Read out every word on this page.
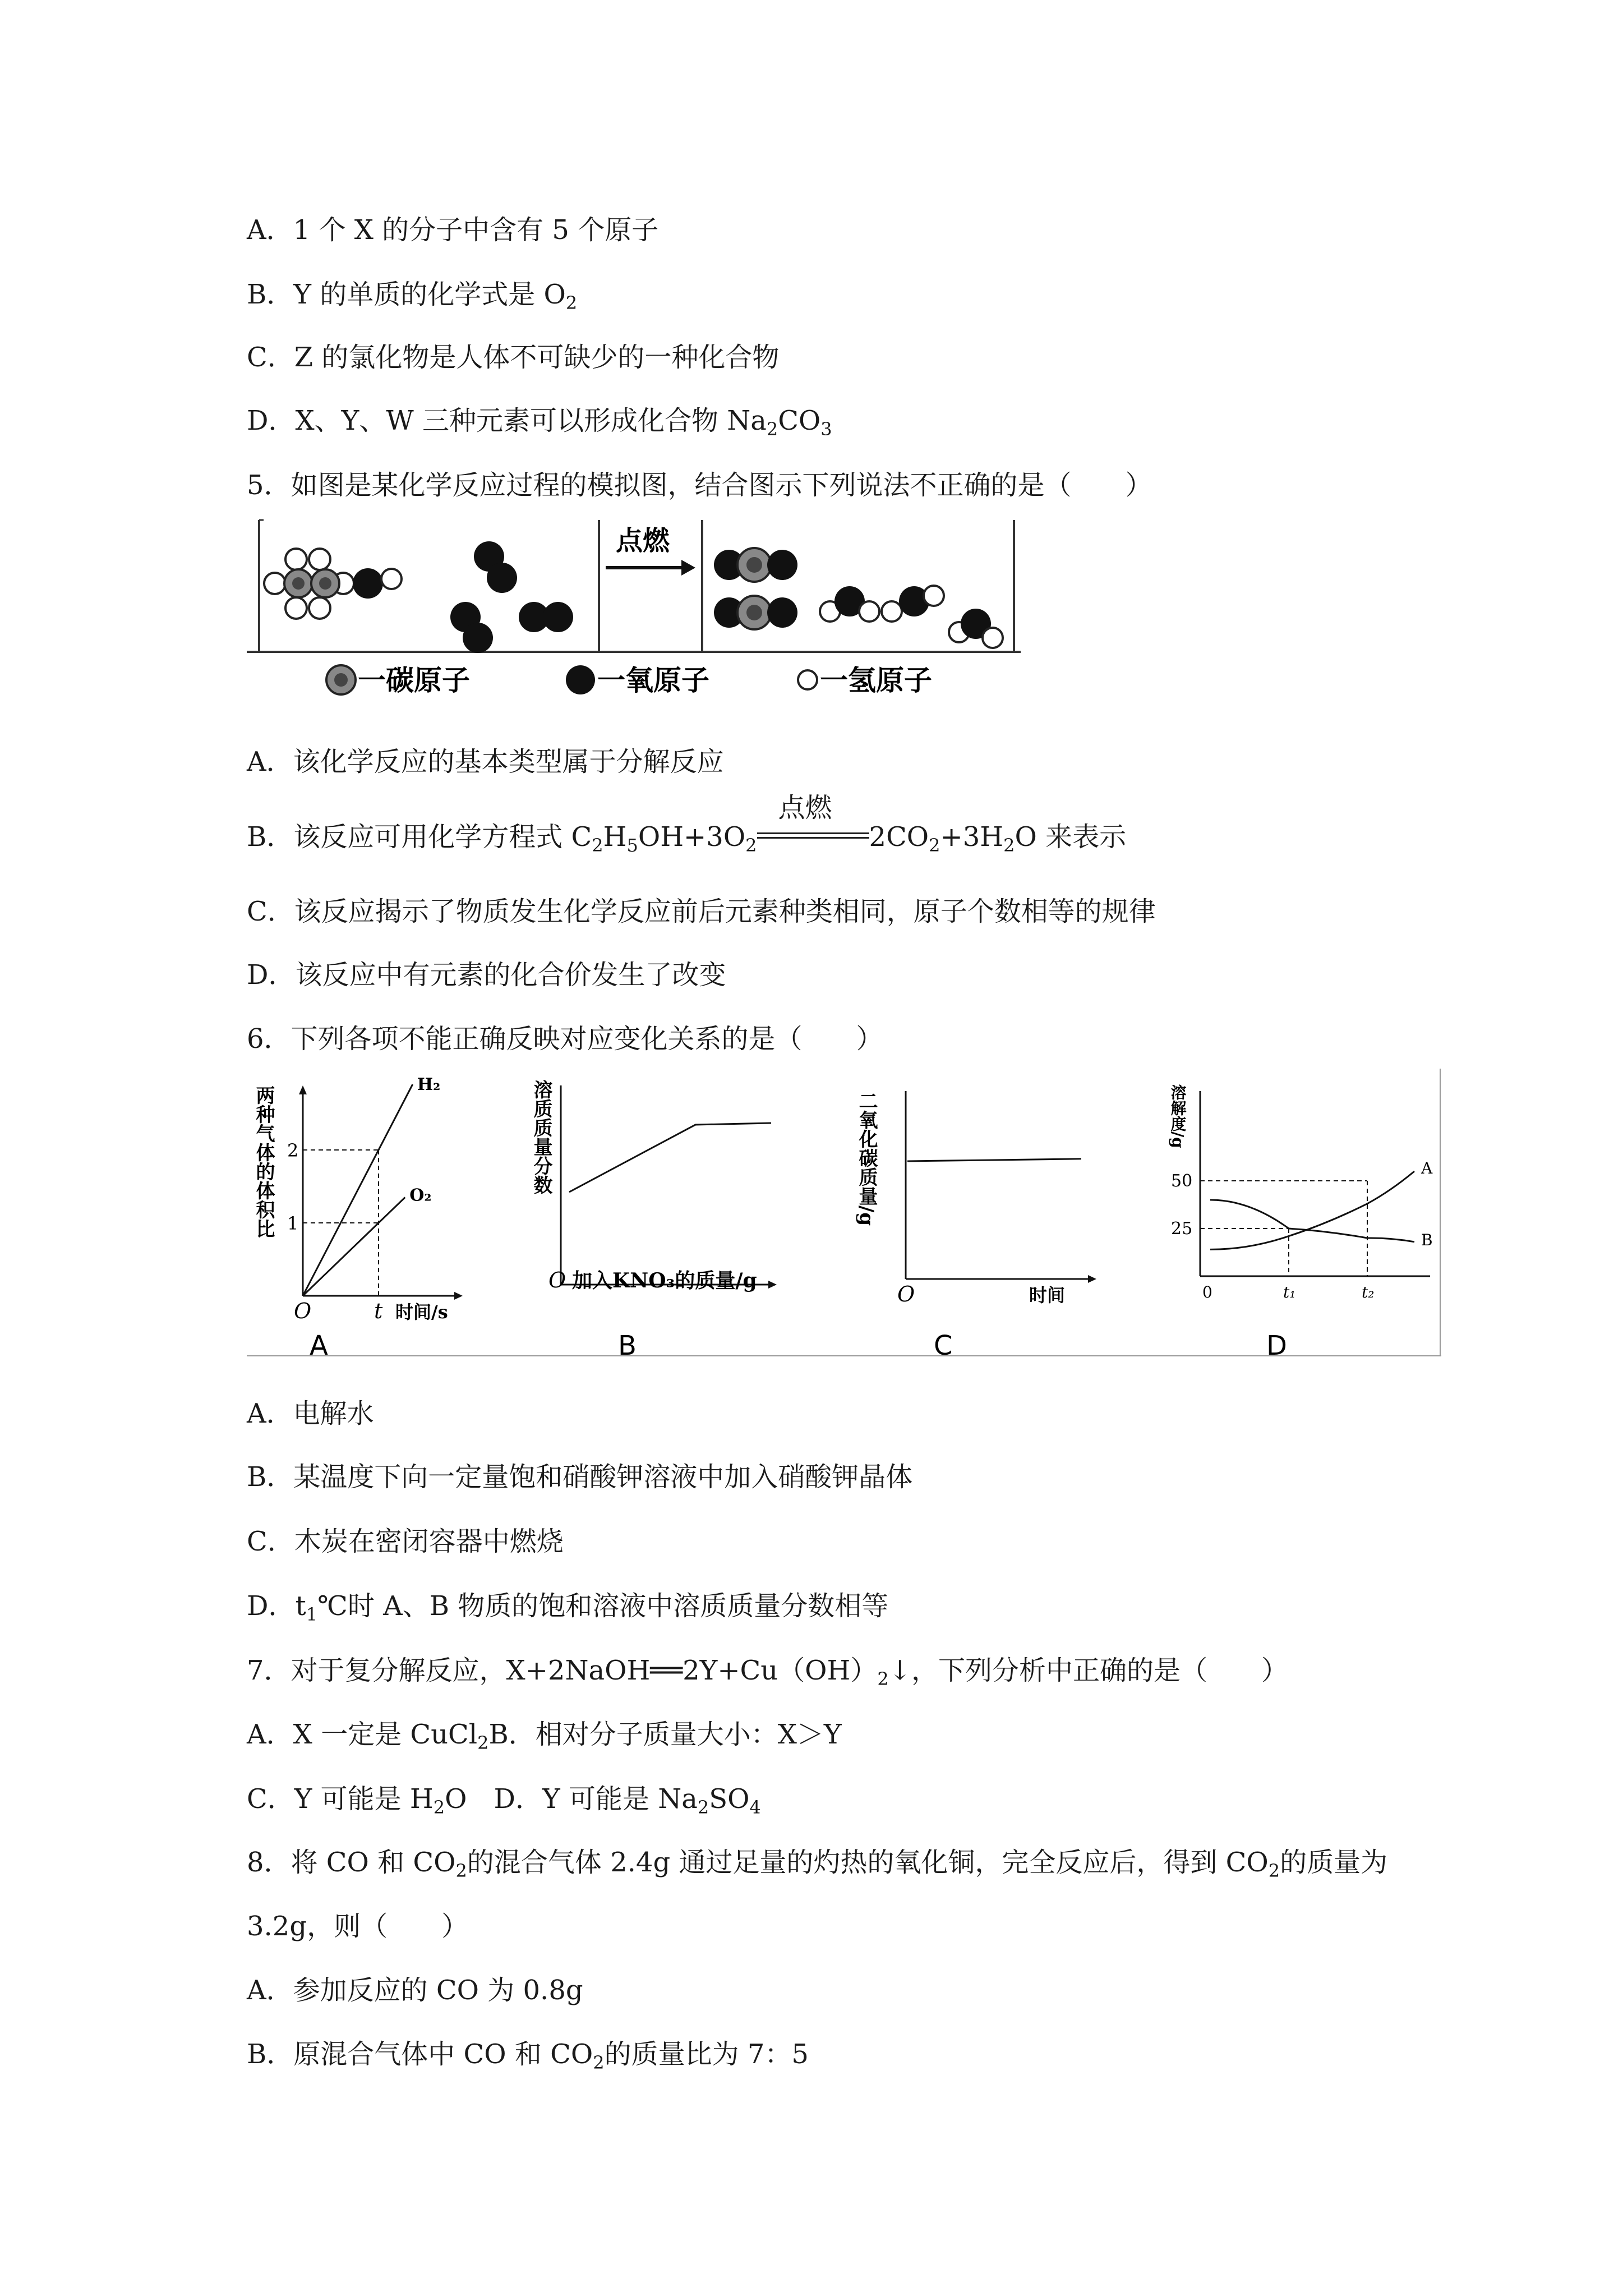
A．1 个 X 的分子中含有 5 个原子
B．Y 的单质的化学式是 $O_2$
C．Z 的氯化物是人体不可缺少的一种化合物
D．X、Y、W 三种元素可以形成化合物 $Na_2CO_3$
5．如图是某化学反应过程的模拟图，结合图示下列说法不正确的是（　　）
点燃
一碳原子	一氧原子	一氢原子
A．该化学反应的基本类型属于分解反应
B．该反应可用化学方程式 $C_2H_5OH+3O_2$
点燃
$2CO_2+3H_2O$ 来表示
C．该反应揭示了物质发生化学反应前后元素种类相同，原子个数相等的规律
D．该反应中有元素的化合价发生了改变
6．下列各项不能正确反映对应变化关系的是（　　）
两种气体的体积比
H₂
O₂
1
2
O	t 时间/s
A
溶质质量分数
O 加入KNO₃的质量/g
B
二氧化碳质量/g
O	时间
C
溶解度/g
A
B
25
50
t₁	t₂
0
D
A．电解水
B．某温度下向一定量饱和硝酸钾溶液中加入硝酸钾晶体
C．木炭在密闭容器中燃烧
D．$t_1℃$时 A、B 物质的饱和溶液中溶质质量分数相等
7．对于复分解反应，$X+2NaOH══2Y+Cu(OH)_2↓$，下列分析中正确的是（　　）
A．X 一定是 CuCl$_2$B．相对分子质量大小：X＞Y
C．Y 可能是 $H_2O$　D．Y 可能是 $Na_2SO_4$
8．将 CO 和 $CO_2$的混合气体 2.4g 通过足量的灼热的氧化铜，完全反应后，得到 $CO_2$的质量为
3.2g，则（　　）
A．参加反应的 CO 为 0.8g
B．原混合气体中 CO 和 $CO_2$的质量比为 7：5
